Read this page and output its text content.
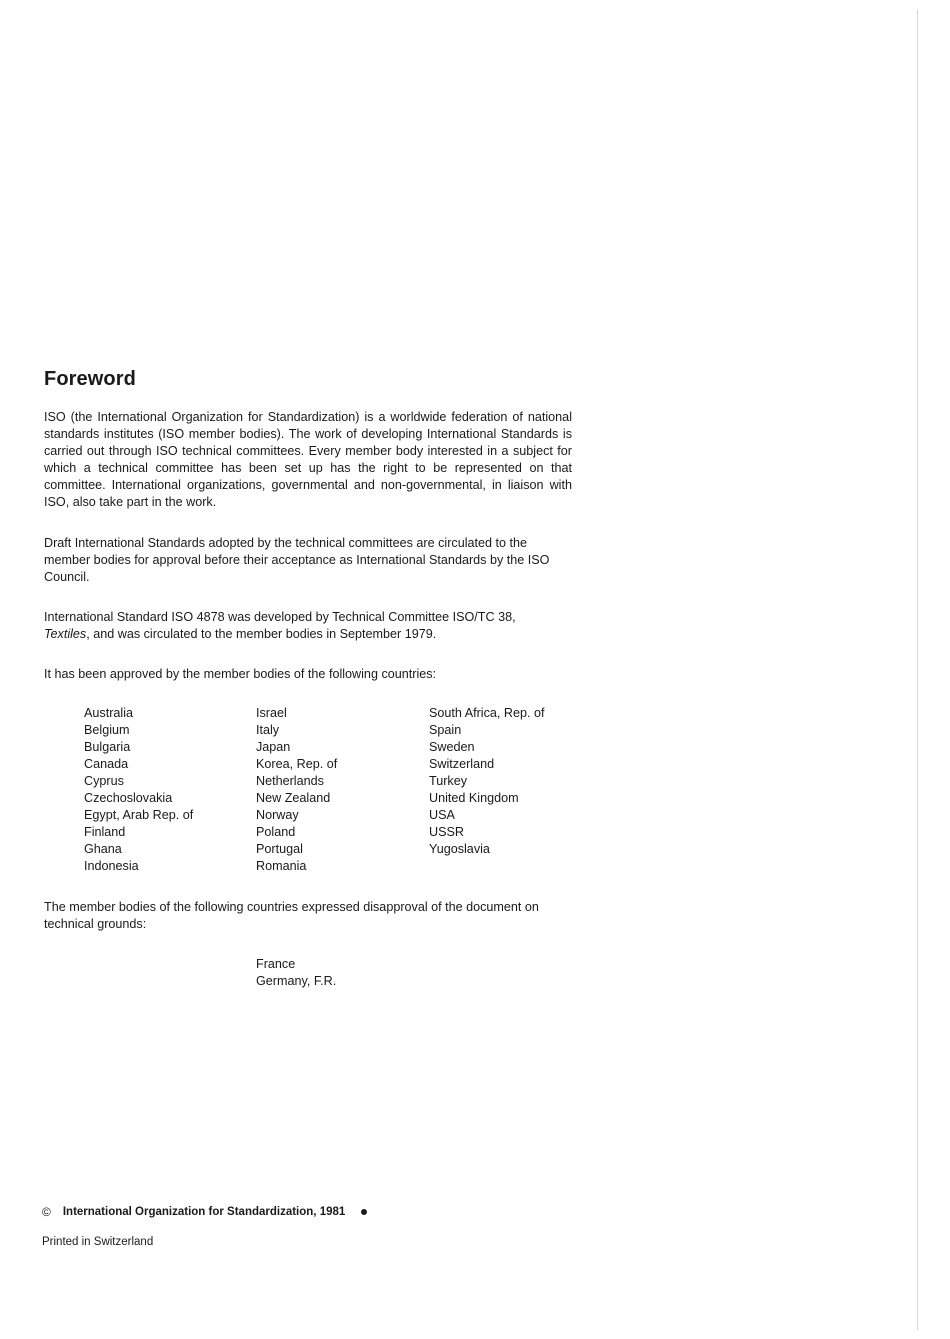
Foreword

ISO (the International Organization for Standardization) is a worldwide federation of national standards institutes (ISO member bodies). The work of developing International Standards is carried out through ISO technical committees. Every member body interested in a subject for which a technical committee has been set up has the right to be represented on that committee. International organizations, governmental and non-governmental, in liaison with ISO, also take part in the work.

Draft International Standards adopted by the technical committees are circulated to the member bodies for approval before their acceptance as International Standards by the ISO Council.

International Standard ISO 4878 was developed by Technical Committee ISO/TC 38,
Textiles, and was circulated to the member bodies in September 1979.

It has been approved by the member bodies of the following countries:

Australia
Belgium
Bulgaria
Canada
Cyprus
Czechoslovakia
Egypt, Arab Rep. of
Finland
Ghana
Indonesia
Israel
Italy
Japan
Korea, Rep. of
Netherlands
New Zealand
Norway
Poland
Portugal
Romania
South Africa, Rep. of
Spain
Sweden
Switzerland
Turkey
United Kingdom
USA
USSR
Yugoslavia

The member bodies of the following countries expressed disapproval of the document on technical grounds:

France
Germany, F.R.
© International Organization for Standardization, 1981
Printed in Switzerland
